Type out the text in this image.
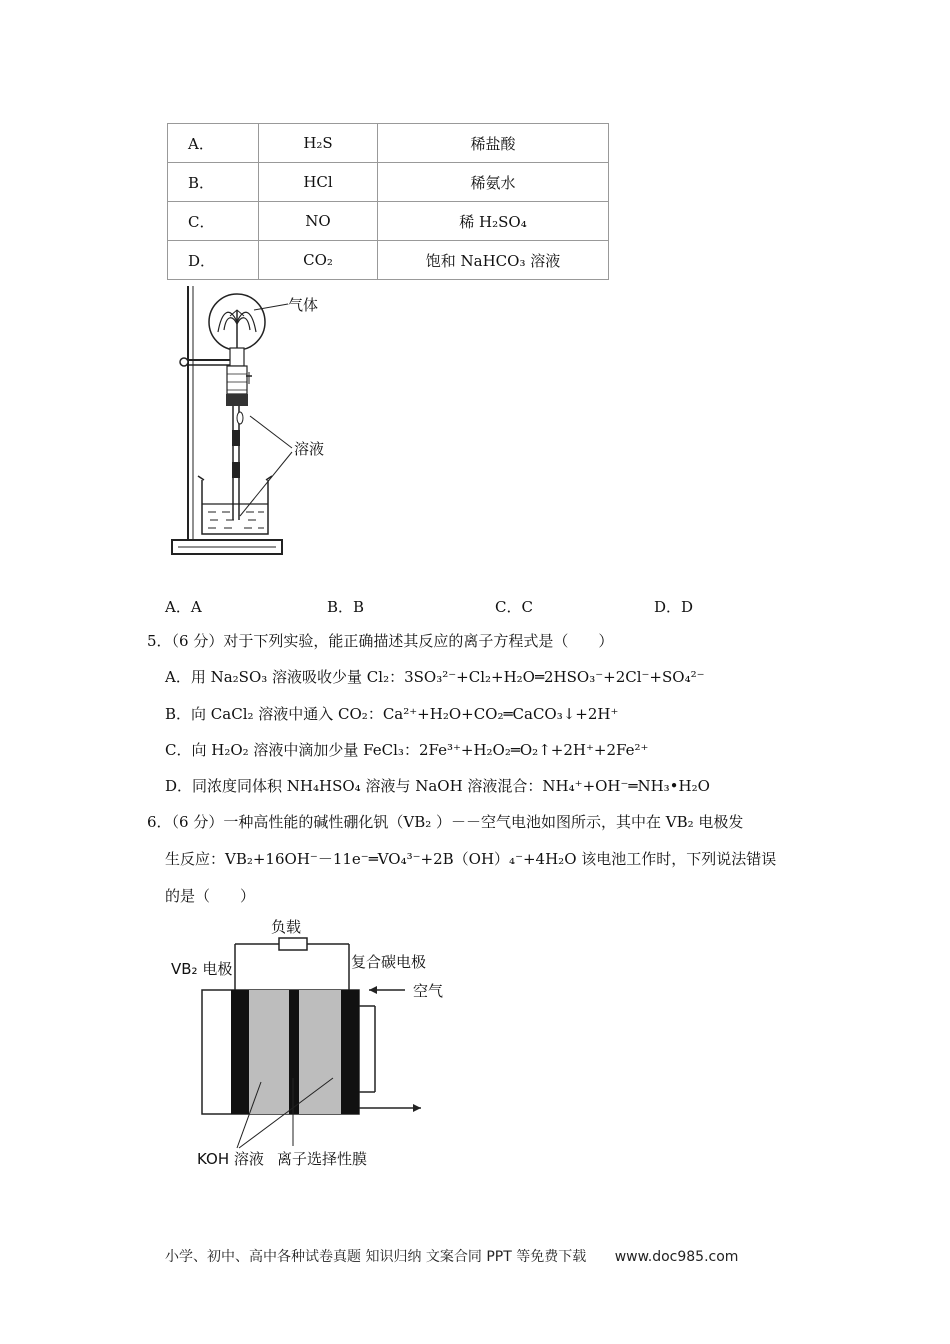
A．	H₂S	稀盐酸
B．	HCl	稀氨水
C．	NO	稀 H₂SO₄
D．	CO₂	饱和 NaHCO₃ 溶液
气体
溶液
A．A	B．B	C．C	D．D
5．（6 分）对于下列实验，能正确描述其反应的离子方程式是（　　）
A．用 Na₂SO₃ 溶液吸收少量 Cl₂：3SO₃²⁻+Cl₂+H₂O═2HSO₃⁻+2Cl⁻+SO₄²⁻
B．向 CaCl₂ 溶液中通入 CO₂：Ca²⁺+H₂O+CO₂═CaCO₃↓+2H⁺
C．向 H₂O₂ 溶液中滴加少量 FeCl₃：2Fe³⁺+H₂O₂═O₂↑+2H⁺+2Fe²⁺
D．同浓度同体积 NH₄HSO₄ 溶液与 NaOH 溶液混合：NH₄⁺+OH⁻═NH₃•H₂O
6．（6 分）一种高性能的碱性硼化钒（VB₂ ）－－空气电池如图所示，其中在 VB₂ 电极发
生反应：VB₂+16OH⁻－11e⁻═VO₄³⁻+2B（OH）₄⁻+4H₂O 该电池工作时，下列说法错误
的是（　　）
负载
VB₂ 电极	复合碳电极
空气
KOH 溶液 离子选择性膜
小学、初中、高中各种试卷真题 知识归纳 文案合同 PPT 等免费下载 www.doc985.com
